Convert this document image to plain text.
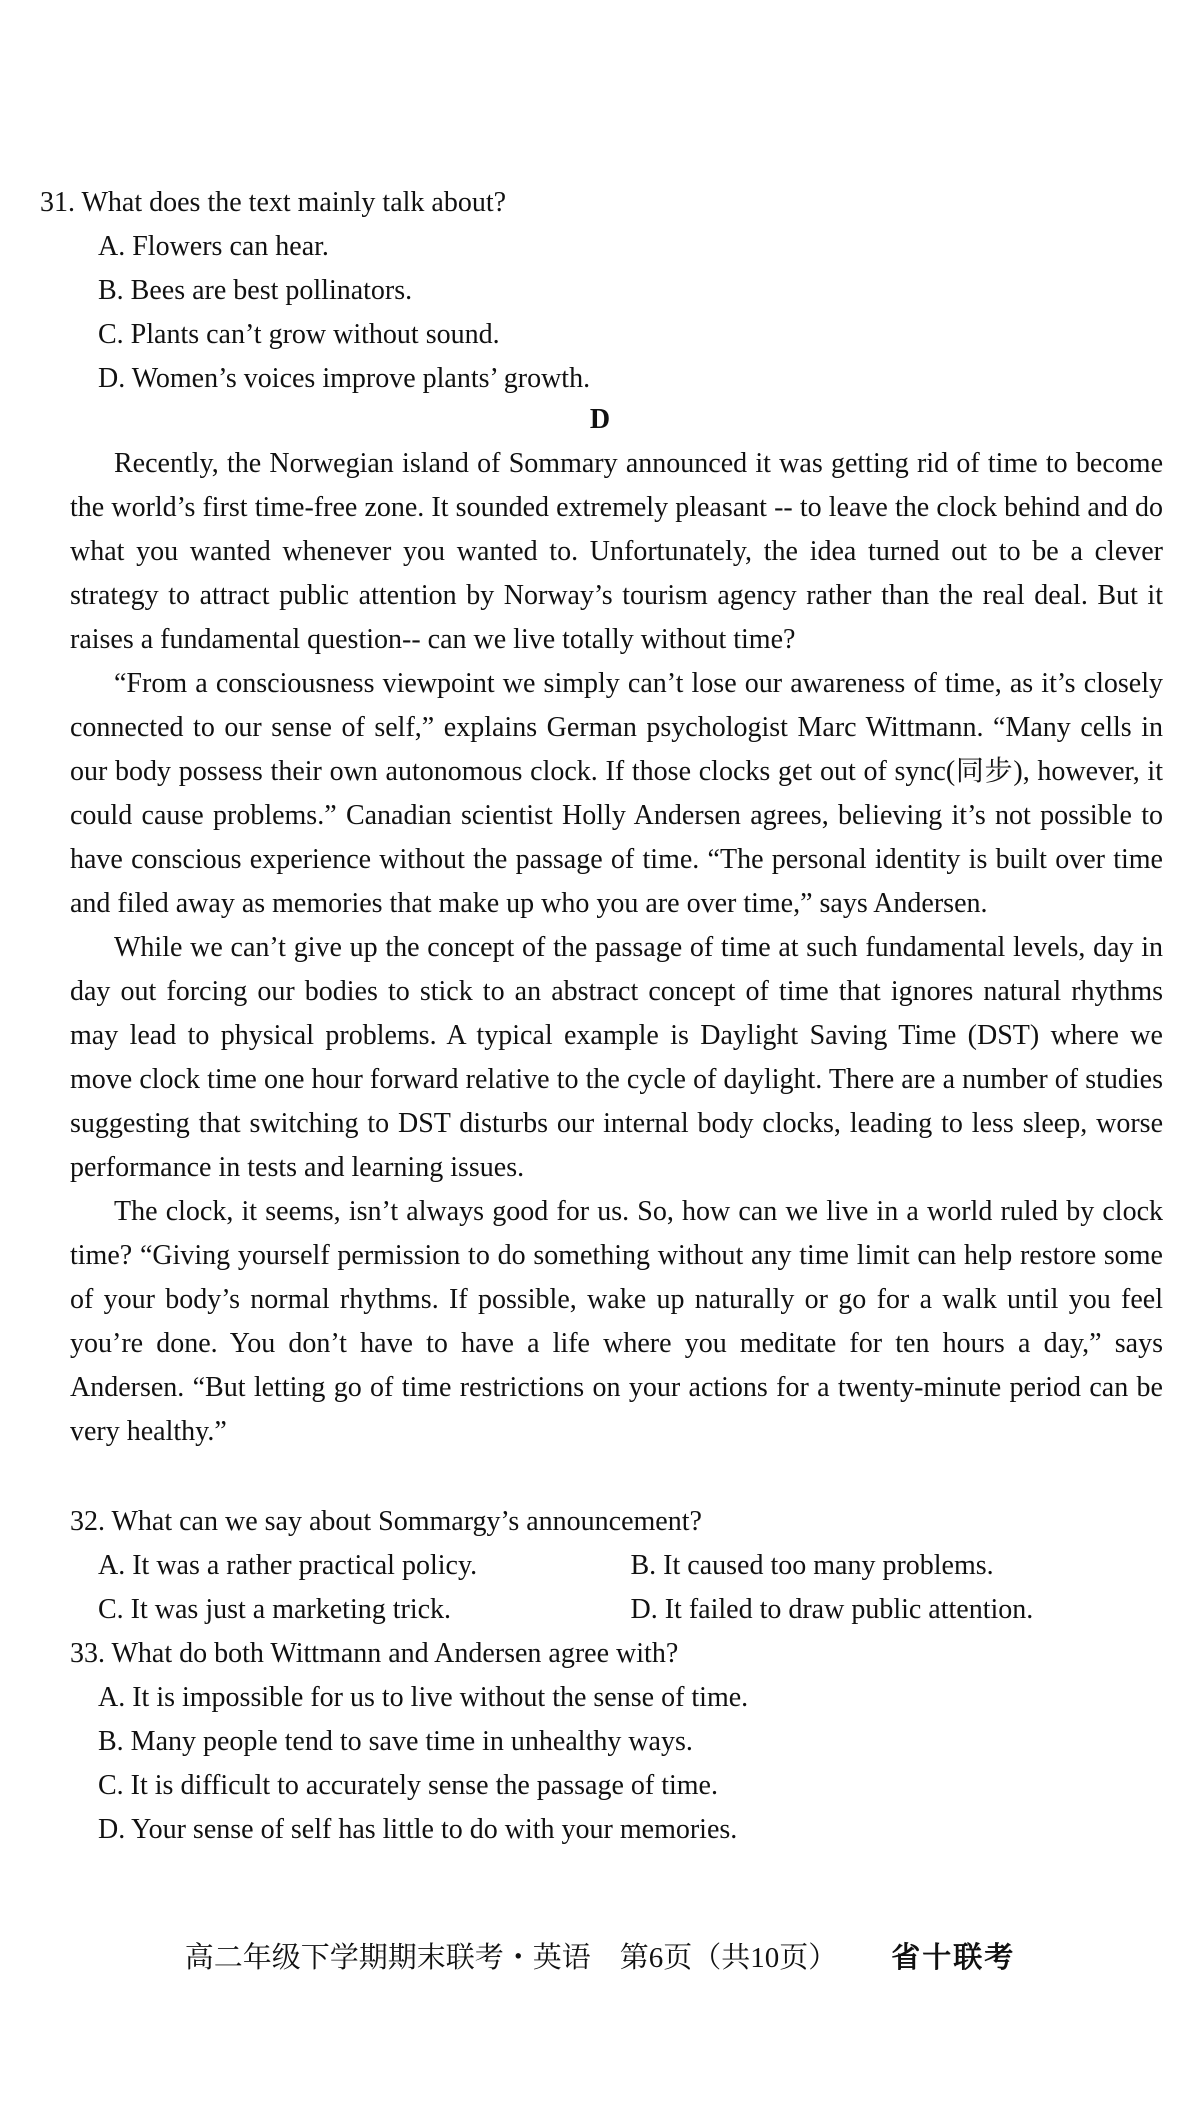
31. What does the text mainly talk about?
A. Flowers can hear.
B. Bees are best pollinators.
C. Plants can’t grow without sound.
D. Women’s voices improve plants’ growth.
D

Recently, the Norwegian island of Sommary announced it was getting rid of time to become the world’s first time-free zone. It sounded extremely pleasant -- to leave the clock behind and do what you wanted whenever you wanted to. Unfortunately, the idea turned out to be a clever strategy to attract public attention by Norway’s tourism agency rather than the real deal. But it raises a fundamental question-- can we live totally without time?

“From a consciousness viewpoint we simply can’t lose our awareness of time, as it’s closely connected to our sense of self,” explains German psychologist Marc Wittmann. “Many cells in our body possess their own autonomous clock. If those clocks get out of sync(同步), however, it could cause problems.” Canadian scientist Holly Andersen agrees, believing it’s not possible to have conscious experience without the passage of time. “The personal identity is built over time and filed away as memories that make up who you are over time,” says Andersen.

While we can’t give up the concept of the passage of time at such fundamental levels, day in day out forcing our bodies to stick to an abstract concept of time that ignores natural rhythms may lead to physical problems. A typical example is Daylight Saving Time (DST) where we move clock time one hour forward relative to the cycle of daylight. There are a number of studies suggesting that switching to DST disturbs our internal body clocks, leading to less sleep, worse performance in tests and learning issues.

The clock, it seems, isn’t always good for us. So, how can we live in a world ruled by clock time? “Giving yourself permission to do something without any time limit can help restore some of your body’s normal rhythms. If possible, wake up naturally or go for a walk until you feel you’re done. You don’t have to have a life where you meditate for ten hours a day,” says Andersen. “But letting go of time restrictions on your actions for a twenty-minute period can be very healthy.”

32. What can we say about Sommargy’s announcement?
A. It was a rather practical policy.	B. It caused too many problems.
C. It was just a marketing trick.	D. It failed to draw public attention.
33. What do both Wittmann and Andersen agree with?
A. It is impossible for us to live without the sense of time.
B. Many people tend to save time in unhealthy ways.
C. It is difficult to accurately sense the passage of time.
D. Your sense of self has little to do with your memories.
高二年级下学期期末联考・英语　第6页（共10页） 省十联考
